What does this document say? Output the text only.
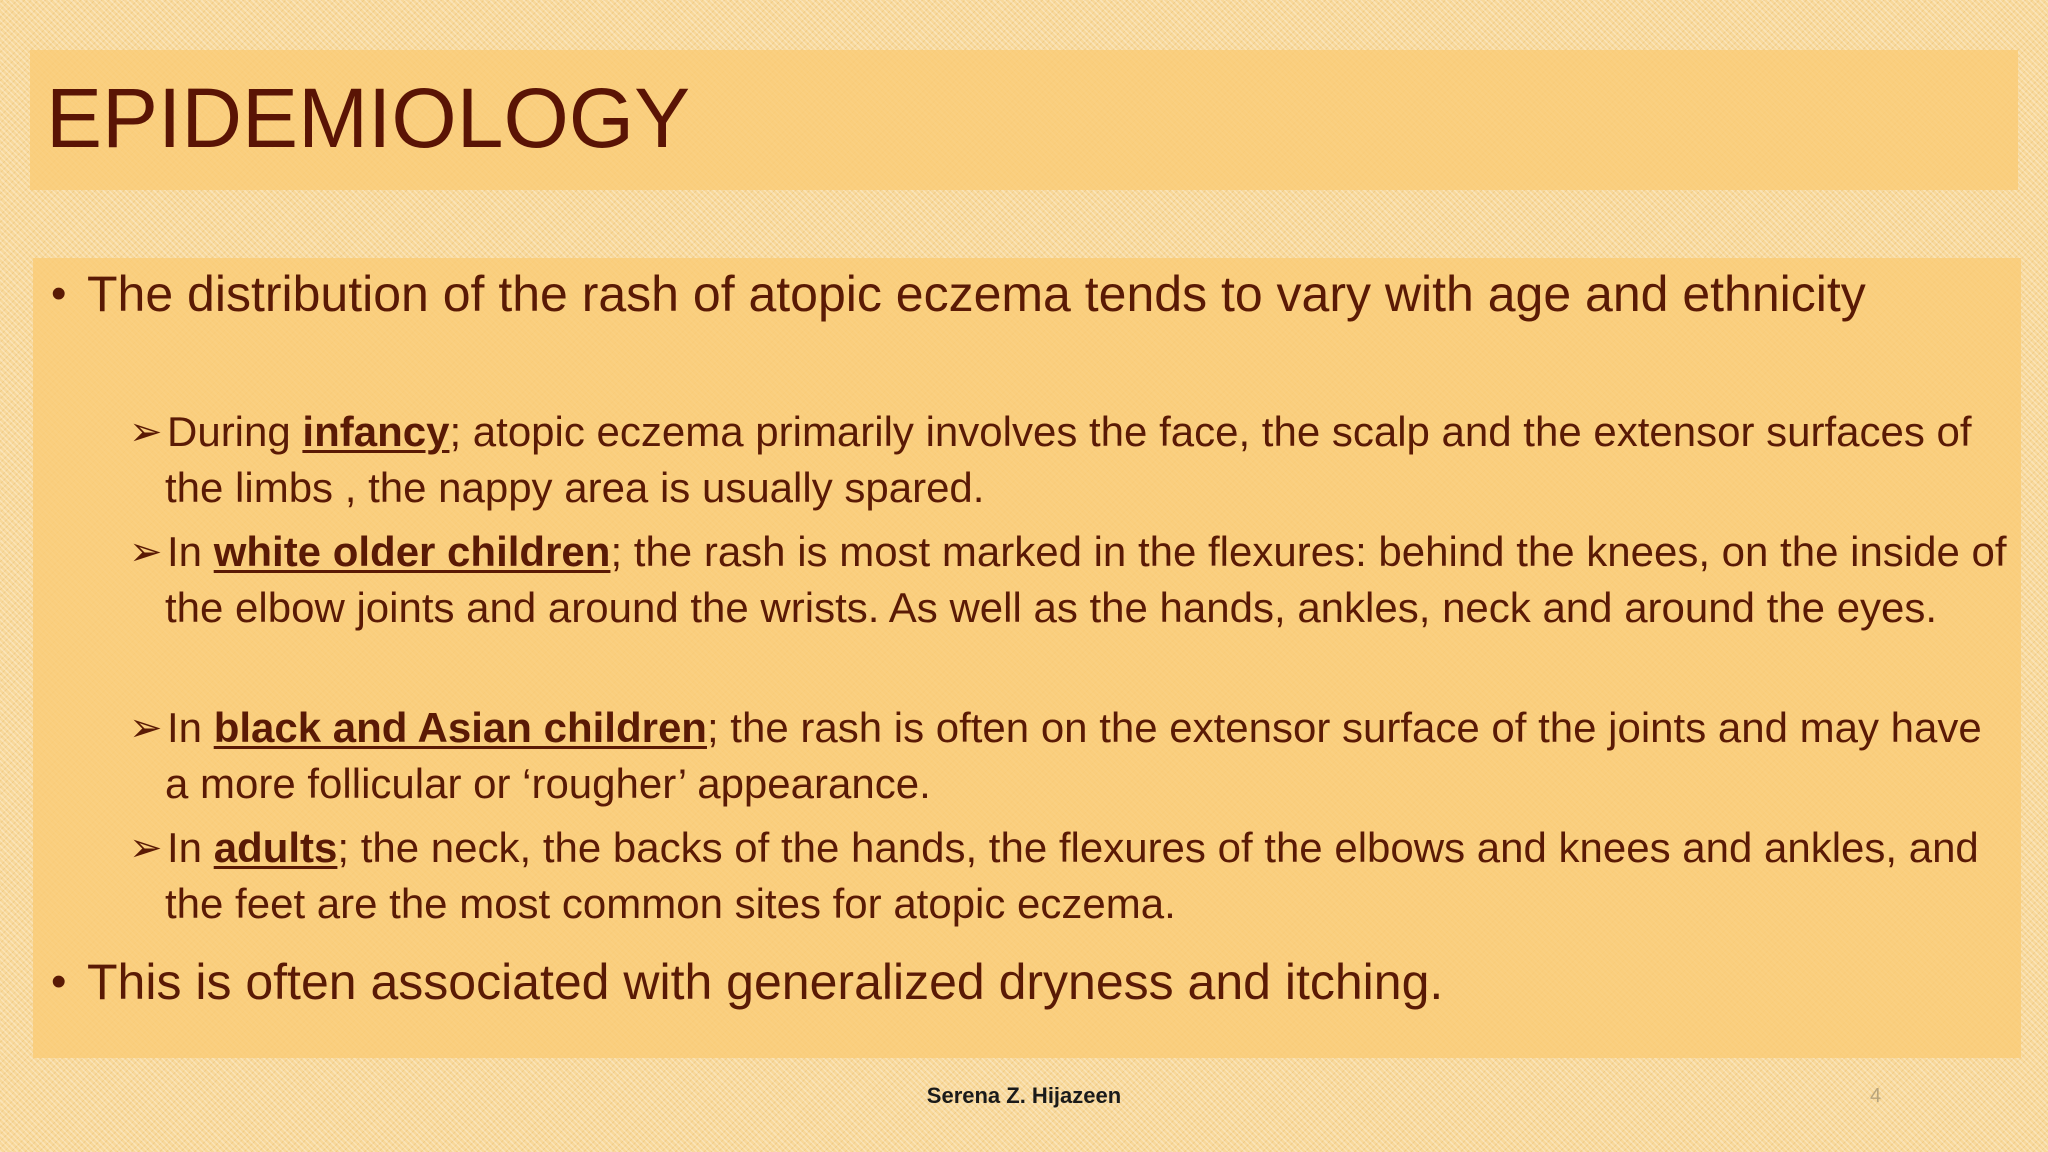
EPIDEMIOLOGY
• The distribution of the rash of atopic eczema tends to vary with age and ethnicity
➢ During infancy; atopic eczema primarily involves the face, the scalp and the extensor surfaces of the limbs , the nappy area is usually spared.
➢ In white older children; the rash is most marked in the flexures: behind the knees, on the inside of the elbow joints and around the wrists. As well as the hands, ankles, neck and around the eyes.
➢ In black and Asian children; the rash is often on the extensor surface of the joints and may have a more follicular or ‘rougher’ appearance.
➢ In adults; the neck, the backs of the hands, the flexures of the elbows and knees and ankles, and the feet are the most common sites for atopic eczema.
• This is often associated with generalized dryness and itching.
Serena Z. Hijazeen	4
